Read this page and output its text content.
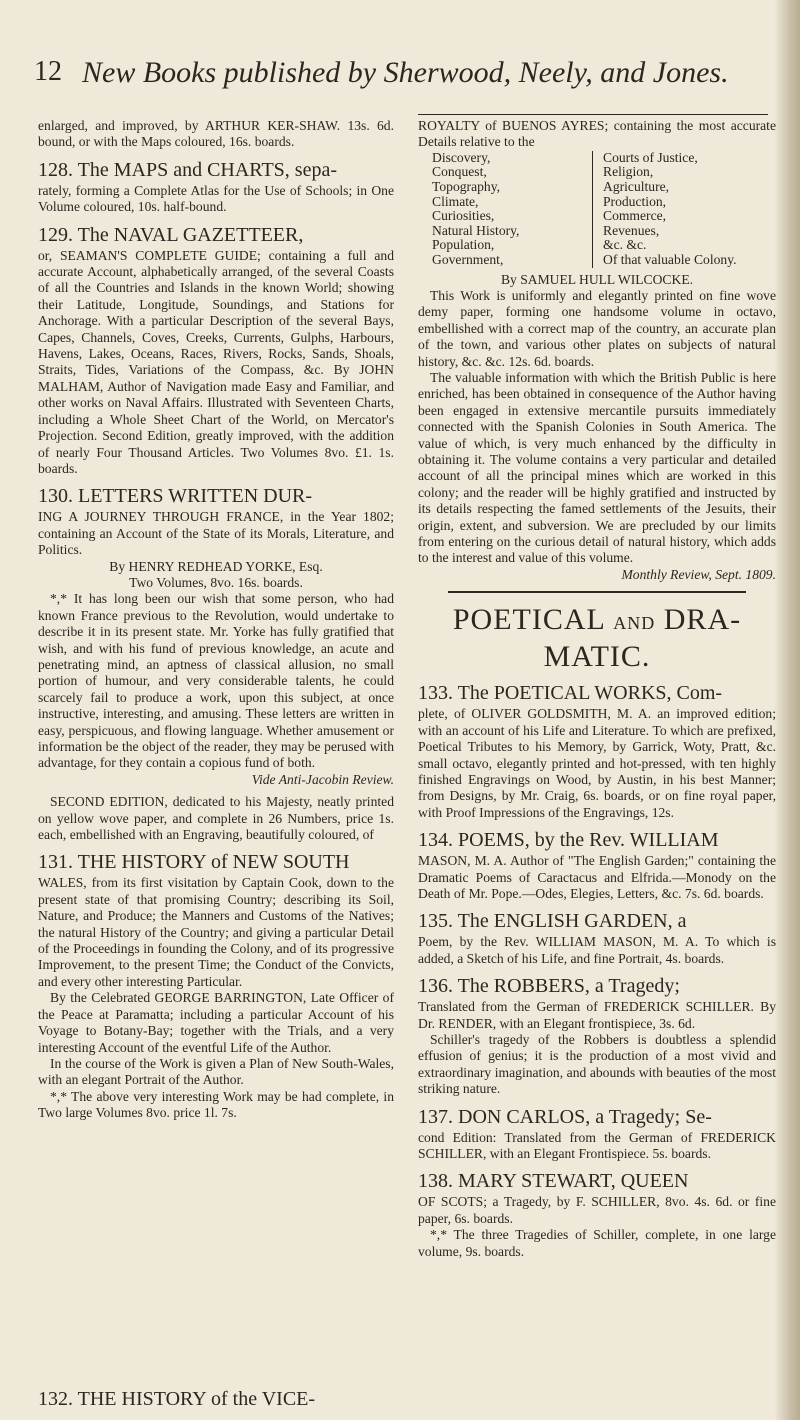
12 New Books published by Sherwood, Neely, and Jones.

enlarged, and improved, by ARTHUR KER-SHAW. 13s. 6d. bound, or with the Maps coloured, 16s. boards.

128. The MAPS and CHARTS, sepa-

rately, forming a Complete Atlas for the Use of Schools; in One Volume coloured, 10s. half-bound.

129. The NAVAL GAZETTEER,

or, SEAMAN'S COMPLETE GUIDE; containing a full and accurate Account, alphabetically arranged, of the several Coasts of all the Countries and Islands in the known World; showing their Latitude, Longitude, Soundings, and Stations for Anchorage. With a particular Description of the several Bays, Capes, Channels, Coves, Creeks, Currents, Gulphs, Harbours, Havens, Lakes, Oceans, Races, Rivers, Rocks, Sands, Shoals, Straits, Tides, Variations of the Compass, &c. By JOHN MALHAM, Author of Navigation made Easy and Familiar, and other works on Naval Affairs. Illustrated with Seventeen Charts, including a Whole Sheet Chart of the World, on Mercator's Projection. Second Edition, greatly improved, with the addition of nearly Four Thousand Articles. Two Volumes 8vo. £1. 1s. boards.

130. LETTERS WRITTEN DUR-

ING A JOURNEY THROUGH FRANCE, in the Year 1802; containing an Account of the State of its Morals, Literature, and Politics.

By HENRY REDHEAD YORKE, Esq.

Two Volumes, 8vo. 16s. boards.

*,* It has long been our wish that some person, who had known France previous to the Revolution, would undertake to describe it in its present state. Mr. Yorke has fully gratified that wish, and with his fund of previous knowledge, an acute and penetrating mind, an aptness of classical allusion, no small portion of humour, and very considerable talents, he could scarcely fail to produce a work, upon this subject, at once instructive, interesting, and amusing. These letters are written in easy, perspicuous, and flowing language. Whether amusement or information be the object of the reader, they may be perused with advantage, for they contain a copious fund of both.

Vide Anti-Jacobin Review.

SECOND EDITION, dedicated to his Majesty, neatly printed on yellow wove paper, and complete in 26 Numbers, price 1s. each, embellished with an Engraving, beautifully coloured, of

131. THE HISTORY of NEW SOUTH

WALES, from its first visitation by Captain Cook, down to the present state of that promising Country; describing its Soil, Nature, and Produce; the Manners and Customs of the Natives; the natural History of the Country; and giving a particular Detail of the Proceedings in founding the Colony, and of its progressive Improvement, to the present Time; the Conduct of the Convicts, and every other interesting Particular.

By the Celebrated GEORGE BARRINGTON, Late Officer of the Peace at Paramatta; including a particular Account of his Voyage to Botany-Bay; together with the Trials, and a very interesting Account of the eventful Life of the Author.

In the course of the Work is given a Plan of New South-Wales, with an elegant Portrait of the Author.

*,* The above very interesting Work may be had complete, in Two large Volumes 8vo. price 1l. 7s.

132. THE HISTORY of the VICE-

ROYALTY of BUENOS AYRES; containing the most accurate Details relative to the

Discovery,
Conquest,
Topography,
Climate,
Curiosities,
Natural History,
Population,
Government,
Courts of Justice,
Religion,
Agriculture,
Production,
Commerce,
Revenues,
&c. &c.
Of that valuable Colony.

By SAMUEL HULL WILCOCKE.

This Work is uniformly and elegantly printed on fine wove demy paper, forming one handsome volume in octavo, embellished with a correct map of the country, an accurate plan of the town, and various other plates on subjects of natural history, &c. &c. 12s. 6d. boards.

The valuable information with which the British Public is here enriched, has been obtained in consequence of the Author having been engaged in extensive mercantile pursuits immediately connected with the Spanish Colonies in South America. The value of which, is very much enhanced by the difficulty in obtaining it. The volume contains a very particular and detailed account of all the principal mines which are worked in this colony; and the reader will be highly gratified and instructed by its details respecting the famed settlements of the Jesuits, their origin, extent, and subversion. We are precluded by our limits from entering on the curious detail of natural history, which adds to the interest and value of this volume.

Monthly Review, Sept. 1809.

POETICAL AND DRA-MATIC.
133. The POETICAL WORKS, Com-

plete, of OLIVER GOLDSMITH, M. A. an improved edition; with an account of his Life and Literature. To which are prefixed, Poetical Tributes to his Memory, by Garrick, Woty, Pratt, &c. small octavo, elegantly printed and hot-pressed, with ten highly finished Engravings on Wood, by Austin, in his best Manner; from Designs, by Mr. Craig, 6s. boards, or on fine royal paper, with Proof Impressions of the Engravings, 12s.

134. POEMS, by the Rev. WILLIAM

MASON, M. A. Author of "The English Garden;" containing the Dramatic Poems of Caractacus and Elfrida.—Monody on the Death of Mr. Pope.—Odes, Elegies, Letters, &c. 7s. 6d. boards.

135. The ENGLISH GARDEN, a

Poem, by the Rev. WILLIAM MASON, M. A. To which is added, a Sketch of his Life, and fine Portrait, 4s. boards.

136. The ROBBERS, a Tragedy;

Translated from the German of FREDERICK SCHILLER. By Dr. RENDER, with an Elegant frontispiece, 3s. 6d.

Schiller's tragedy of the Robbers is doubtless a splendid effusion of genius; it is the production of a most vivid and extraordinary imagination, and abounds with beauties of the most striking nature.

137. DON CARLOS, a Tragedy; Se-

cond Edition: Translated from the German of FREDERICK SCHILLER, with an Elegant Frontispiece. 5s. boards.

138. MARY STEWART, QUEEN

OF SCOTS; a Tragedy, by F. SCHILLER, 8vo. 4s. 6d. or fine paper, 6s. boards.

*,* The three Tragedies of Schiller, complete, in one large volume, 9s. boards.
